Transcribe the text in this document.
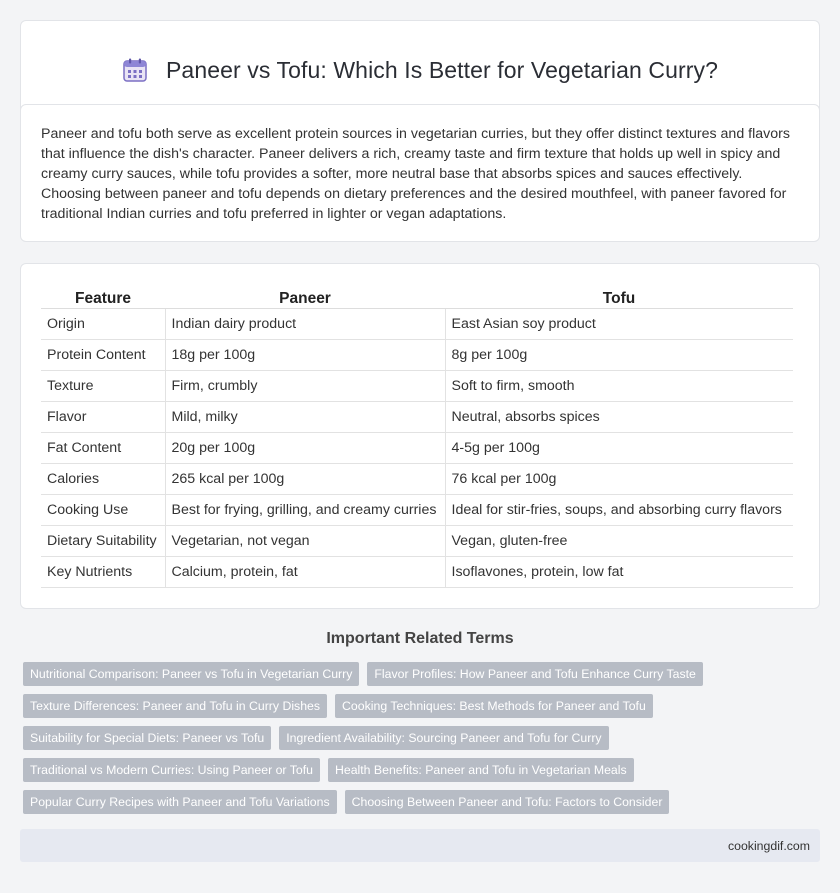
Paneer vs Tofu: Which Is Better for Vegetarian Curry?

Paneer and tofu both serve as excellent protein sources in vegetarian curries, but they offer distinct textures and flavors that influence the dish's character. Paneer delivers a rich, creamy taste and firm texture that holds up well in spicy and creamy curry sauces, while tofu provides a softer, more neutral base that absorbs spices and sauces effectively. Choosing between paneer and tofu depends on dietary preferences and the desired mouthfeel, with paneer favored for traditional Indian curries and tofu preferred in lighter or vegan adaptations.

Feature	Paneer	Tofu
Origin	Indian dairy product	East Asian soy product
Protein Content	18g per 100g	8g per 100g
Texture	Firm, crumbly	Soft to firm, smooth
Flavor	Mild, milky	Neutral, absorbs spices
Fat Content	20g per 100g	4-5g per 100g
Calories	265 kcal per 100g	76 kcal per 100g
Cooking Use	Best for frying, grilling, and creamy curries	Ideal for stir-fries, soups, and absorbing curry flavors
Dietary Suitability	Vegetarian, not vegan	Vegan, gluten-free
Key Nutrients	Calcium, protein, fat	Isoflavones, protein, low fat
Important Related Terms
Nutritional Comparison: Paneer vs Tofu in Vegetarian Curry	Flavor Profiles: How Paneer and Tofu Enhance Curry Taste
Texture Differences: Paneer and Tofu in Curry Dishes	Cooking Techniques: Best Methods for Paneer and Tofu
Suitability for Special Diets: Paneer vs Tofu	Ingredient Availability: Sourcing Paneer and Tofu for Curry
Traditional vs Modern Curries: Using Paneer or Tofu	Health Benefits: Paneer and Tofu in Vegetarian Meals
Popular Curry Recipes with Paneer and Tofu Variations	Choosing Between Paneer and Tofu: Factors to Consider
cookingdif.com
